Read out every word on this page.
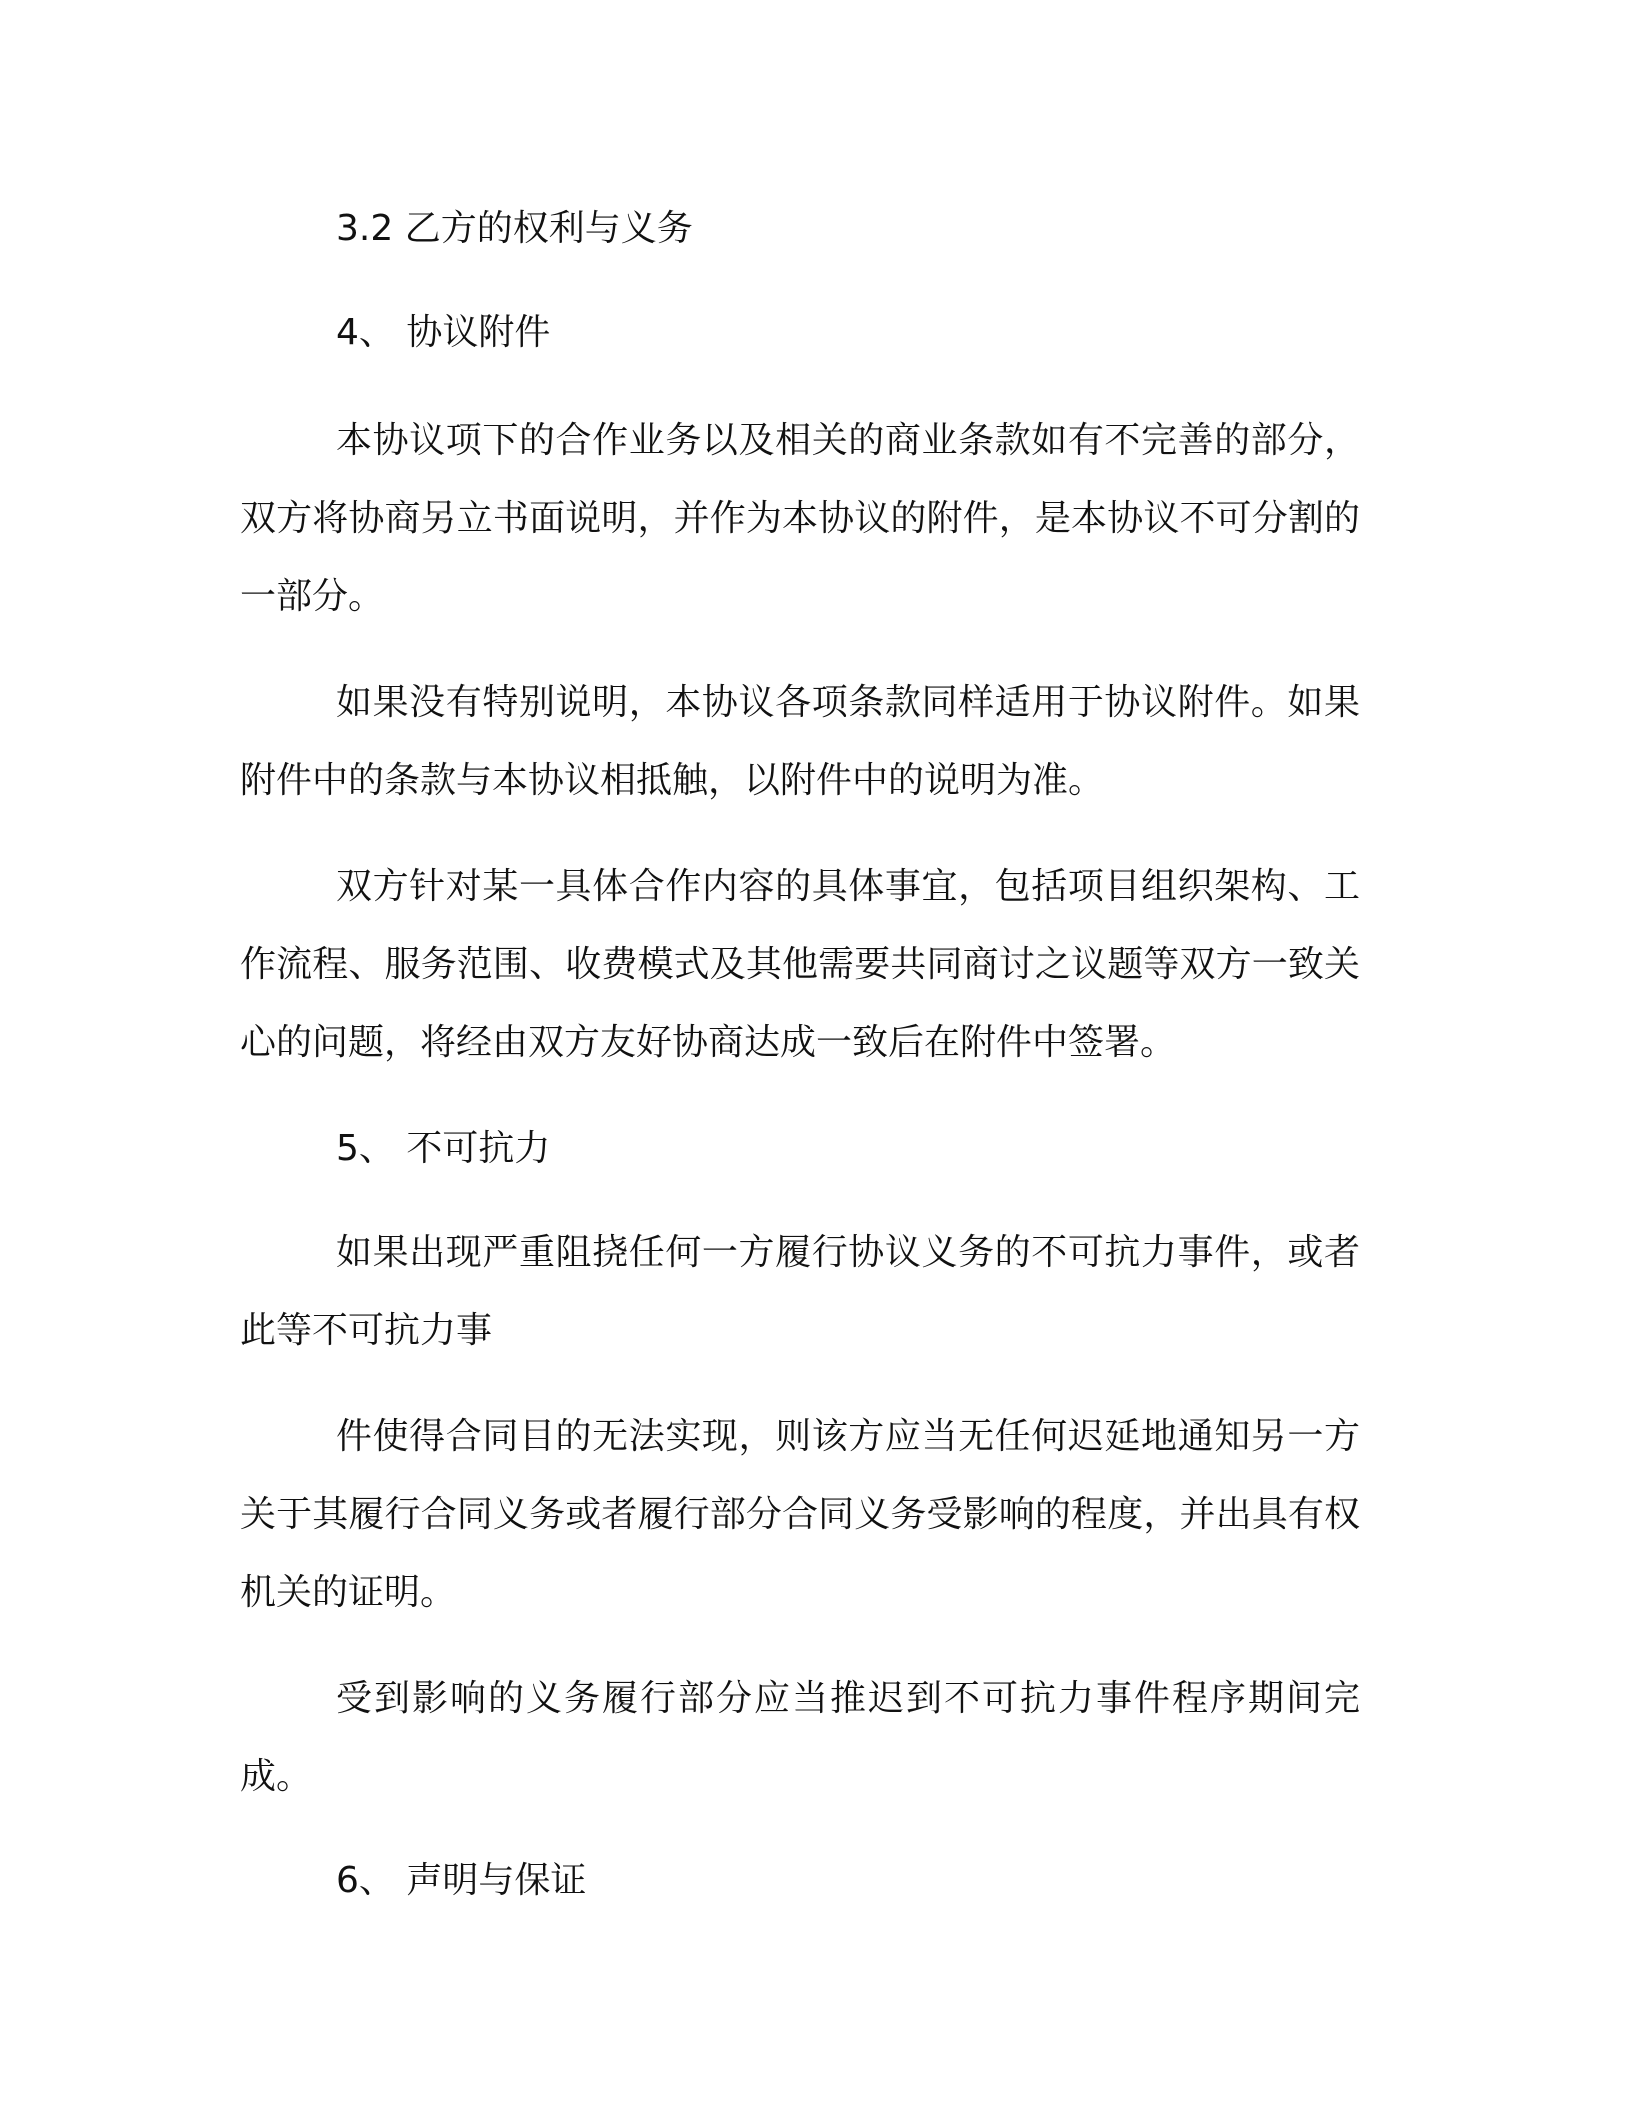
3.2 乙方的权利与义务
4、 协议附件
本协议项下的合作业务以及相关的商业条款如有不完善的部分，双方将协商另立书面说明，并作为本协议的附件，是本协议不可分割的一部分。
如果没有特别说明，本协议各项条款同样适用于协议附件。如果附件中的条款与本协议相抵触，以附件中的说明为准。
双方针对某一具体合作内容的具体事宜，包括项目组织架构、工作流程、服务范围、收费模式及其他需要共同商讨之议题等双方一致关心的问题，将经由双方友好协商达成一致后在附件中签署。
5、 不可抗力
如果出现严重阻挠任何一方履行协议义务的不可抗力事件，或者此等不可抗力事
件使得合同目的无法实现，则该方应当无任何迟延地通知另一方关于其履行合同义务或者履行部分合同义务受影响的程度，并出具有权机关的证明。
受到影响的义务履行部分应当推迟到不可抗力事件程序期间完成。
6、 声明与保证
